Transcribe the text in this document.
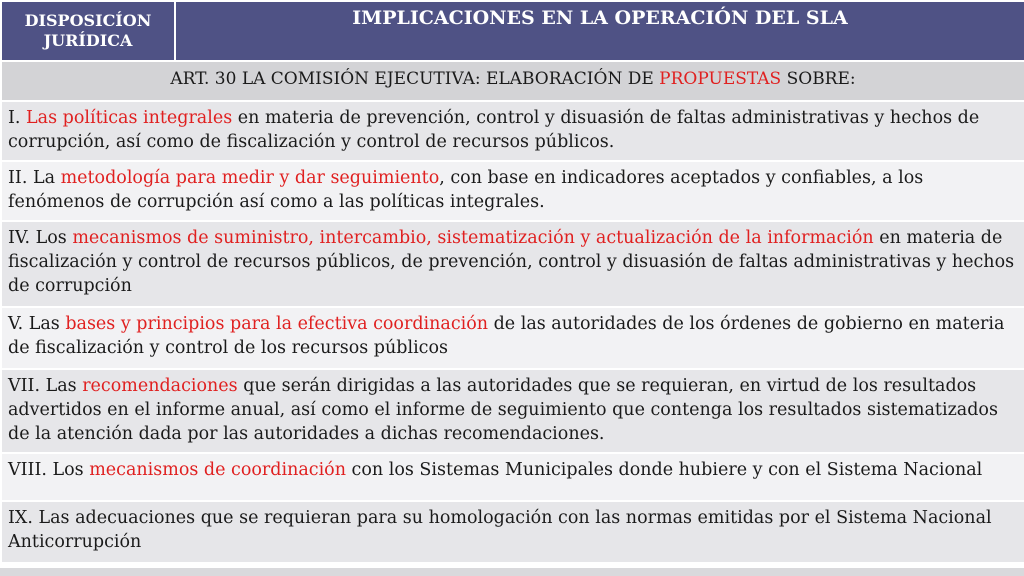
DISPOSICÍON JURÍDICA	IMPLICACIONES EN LA OPERACIÓN DEL SLA
ART. 30 LA COMISIÓN EJECUTIVA: ELABORACIÓN DE PROPUESTAS SOBRE:
I. Las políticas integrales en materia de prevención, control y disuasión de faltas administrativas y hechos de corrupción, así como de fiscalización y control de recursos públicos.
II. La metodología para medir y dar seguimiento, con base en indicadores aceptados y confiables, a los fenómenos de corrupción así como a las políticas integrales.
IV. Los mecanismos de suministro, intercambio, sistematización y actualización de la información en materia de fiscalización y control de recursos públicos, de prevención, control y disuasión de faltas administrativas y hechos de corrupción
V. Las bases y principios para la efectiva coordinación de las autoridades de los órdenes de gobierno en materia de fiscalización y control de los recursos públicos
VII. Las recomendaciones que serán dirigidas a las autoridades que se requieran, en virtud de los resultados advertidos en el informe anual, así como el informe de seguimiento que contenga los resultados sistematizados de la atención dada por las autoridades a dichas recomendaciones.
VIII. Los mecanismos de coordinación con los Sistemas Municipales donde hubiere y con el Sistema Nacional
IX. Las adecuaciones que se requieran para su homologación con las normas emitidas por el Sistema Nacional Anticorrupción
